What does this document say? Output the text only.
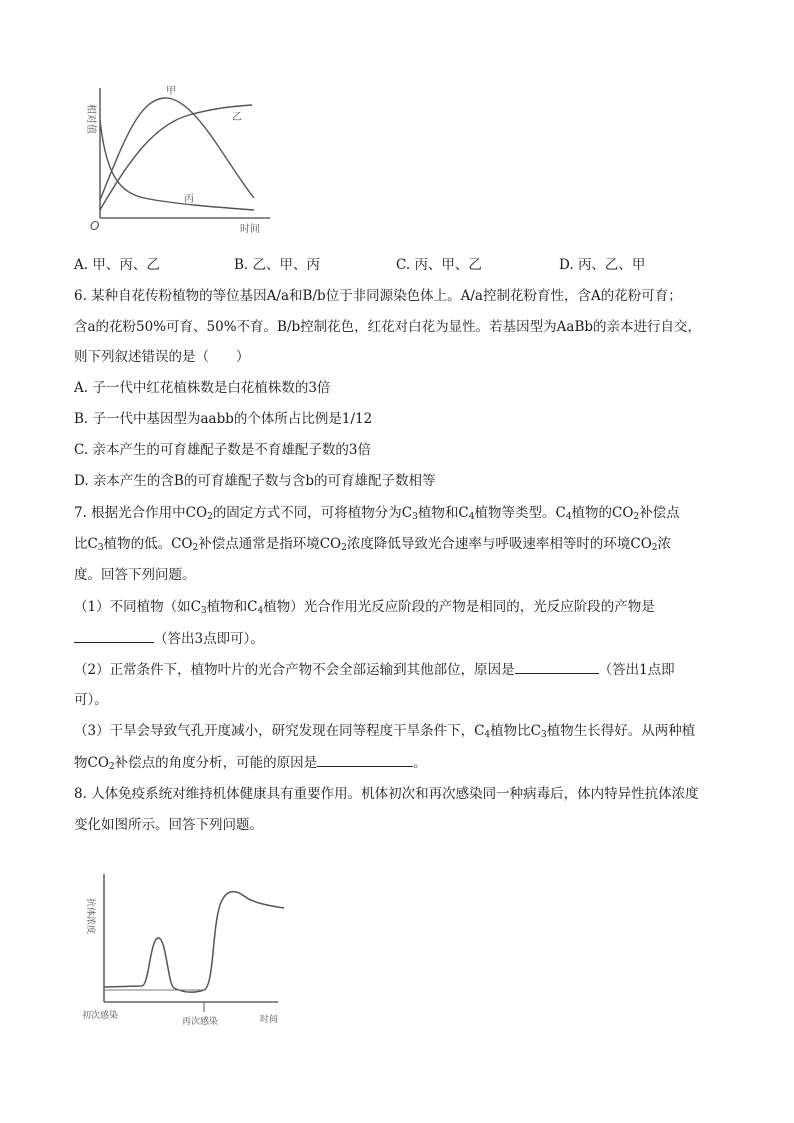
相对值
时间
O
甲
乙
丙
A. 甲、丙、乙	B. 乙、甲、丙	C. 丙、甲、乙	D. 丙、乙、甲
6. 某种自花传粉植物的等位基因A/a和B/b位于非同源染色体上。A/a控制花粉育性，含A的花粉可育；
含a的花粉50%可育、50%不育。B/b控制花色，红花对白花为显性。若基因型为AaBb的亲本进行自交，
则下列叙述错误的是（　　）
A. 子一代中红花植株数是白花植株数的3倍
B. 子一代中基因型为aabb的个体所占比例是1/12
C. 亲本产生的可育雄配子数是不育雄配子数的3倍
D. 亲本产生的含B的可育雄配子数与含b的可育雄配子数相等
7. 根据光合作用中$CO_2$的固定方式不同，可将植物分为$C_3$植物和$C_4$植物等类型。$C_4$植物的$CO_2$补偿点
比$C_3$植物的低。$CO_2$补偿点通常是指环境$CO_2$浓度降低导致光合速率与呼吸速率相等时的环境$CO_2$浓
度。回答下列问题。
（1）不同植物（如$C_3$植物和$C_4$植物）光合作用光反应阶段的产物是相同的，光反应阶段的产物是
（答出3点即可）。
（2）正常条件下，植物叶片的光合产物不会全部运输到其他部位，原因是	（答出1点即
可）。
（3）干旱会导致气孔开度减小，研究发现在同等程度干旱条件下，$C_4$植物比$C_3$植物生长得好。从两种植
物$CO_2$补偿点的角度分析，可能的原因是	。
8. 人体免疫系统对维持机体健康具有重要作用。机体初次和再次感染同一种病毒后，体内特异性抗体浓度
变化如图所示。回答下列问题。
抗体浓度
时间
初次感染
再次感染
